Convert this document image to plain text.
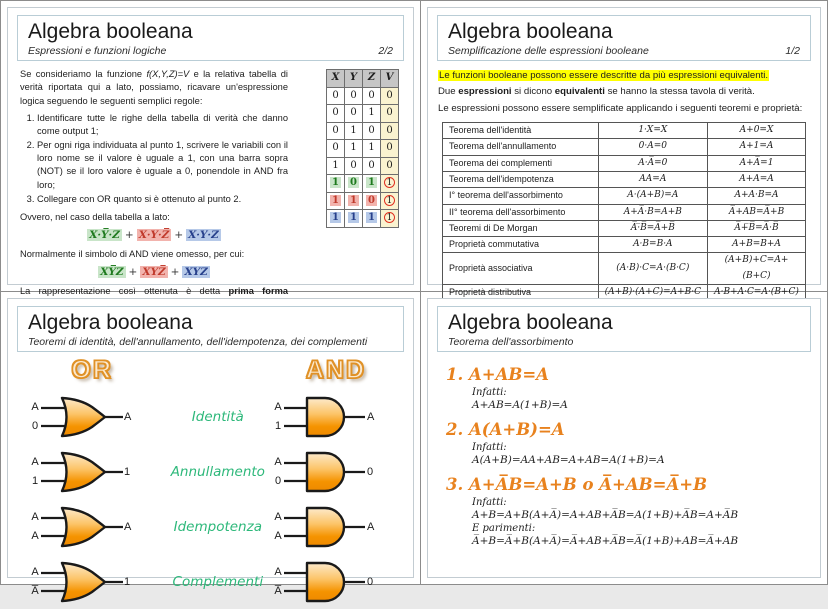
Algebra booleana
Espressioni e funzioni logiche	2/2

Se consideriamo la funzione f(X,Y,Z)=V e la relativa tabella di verità riportata qui a lato, possiamo, ricavare un'espressione logica seguendo le seguenti semplici regole:

1. Identificare tutte le righe della tabella di verità che danno come output 1;
2. Per ogni riga individuata al punto 1, scrivere le variabili con il loro nome se il valore è uguale a 1, con una barra sopra (NOT) se il loro valore è uguale a 0, ponendole in AND fra loro;
3. Collegare con OR quanto si è ottenuto al punto 2.

Ovvero, nel caso della tabella a lato:

X·Y̅·Z + X·Y·Z̅ + X·Y·Z

Normalmente il simbolo di AND viene omesso, per cui:

XY̅Z + XYZ̅ + XYZ

La rappresentazione così ottenuta è detta prima forma

X	Y	Z	V
0	0	0	0
0	0	1	0
0	1	0	0
0	1	1	0
1	0	0	0
1	0	1	1
1	1	0	1
1	1	1	1
Algebra booleana
Semplificazione delle espressioni booleane	1/2
Le funzioni booleane possono essere descritte da più espressioni equivalenti.
Due espressioni si dicono equivalenti se hanno la stessa tavola di verità.
Le espressioni possono essere semplificate applicando i seguenti teoremi e proprietà:
Teorema dell'identità	1·X=X	A+0=X
Teorema dell'annullamento	0·A=0	A+1=A
Teorema dei complementi	A·A̅=0	A+A̅=1
Teorema dell'idempotenza	AA=A	A+A=A
I° teorema dell'assorbimento	A·(A+B)=A	A+A·B=A
II° teorema dell'assorbimento	A+A̅·B=A+B	A̅+AB=A̅+B
Teoremi di De Morgan	A̅·̅B̅=A̅+B̅	A̅+̅B̅=A̅·B̅
Proprietà commutativa	A·B=B·A	A+B=B+A
Proprietà associativa	(A·B)·C=A·(B·C)	(A+B)+C=A+(B+C)
Proprietà distributiva	(A+B)·(A+C)=A+B·C	A·B+A·C=A·(B+C)
Algebra booleana
Teoremi di identità, dell'annullamento, dell'idempotenza, dei complementi
OR	AND
A
0
A	Identità
A
1
A
A
1
1	Annullamento
A
0
0
A
A
A	Idempotenza
A
A
A
A
A̅
1	Complementi
A
A̅
0
Algebra booleana
Teorema dell'assorbimento
1. A+AB=A
Infatti:
A+AB=A(1+B)=A
2. A(A+B)=A
Infatti:
A(A+B)=AA+AB=A+AB=A(1+B)=A
3. A+A̅B=A+B o A̅+AB=A̅+B
Infatti:
A+B=A+B(A+A̅)=A+AB+A̅B=A(1+B)+A̅B=A+A̅B
E parimenti:
A̅+B=A̅+B(A+A̅)=A̅+AB+A̅B=A̅(1+B)+AB=A̅+AB
